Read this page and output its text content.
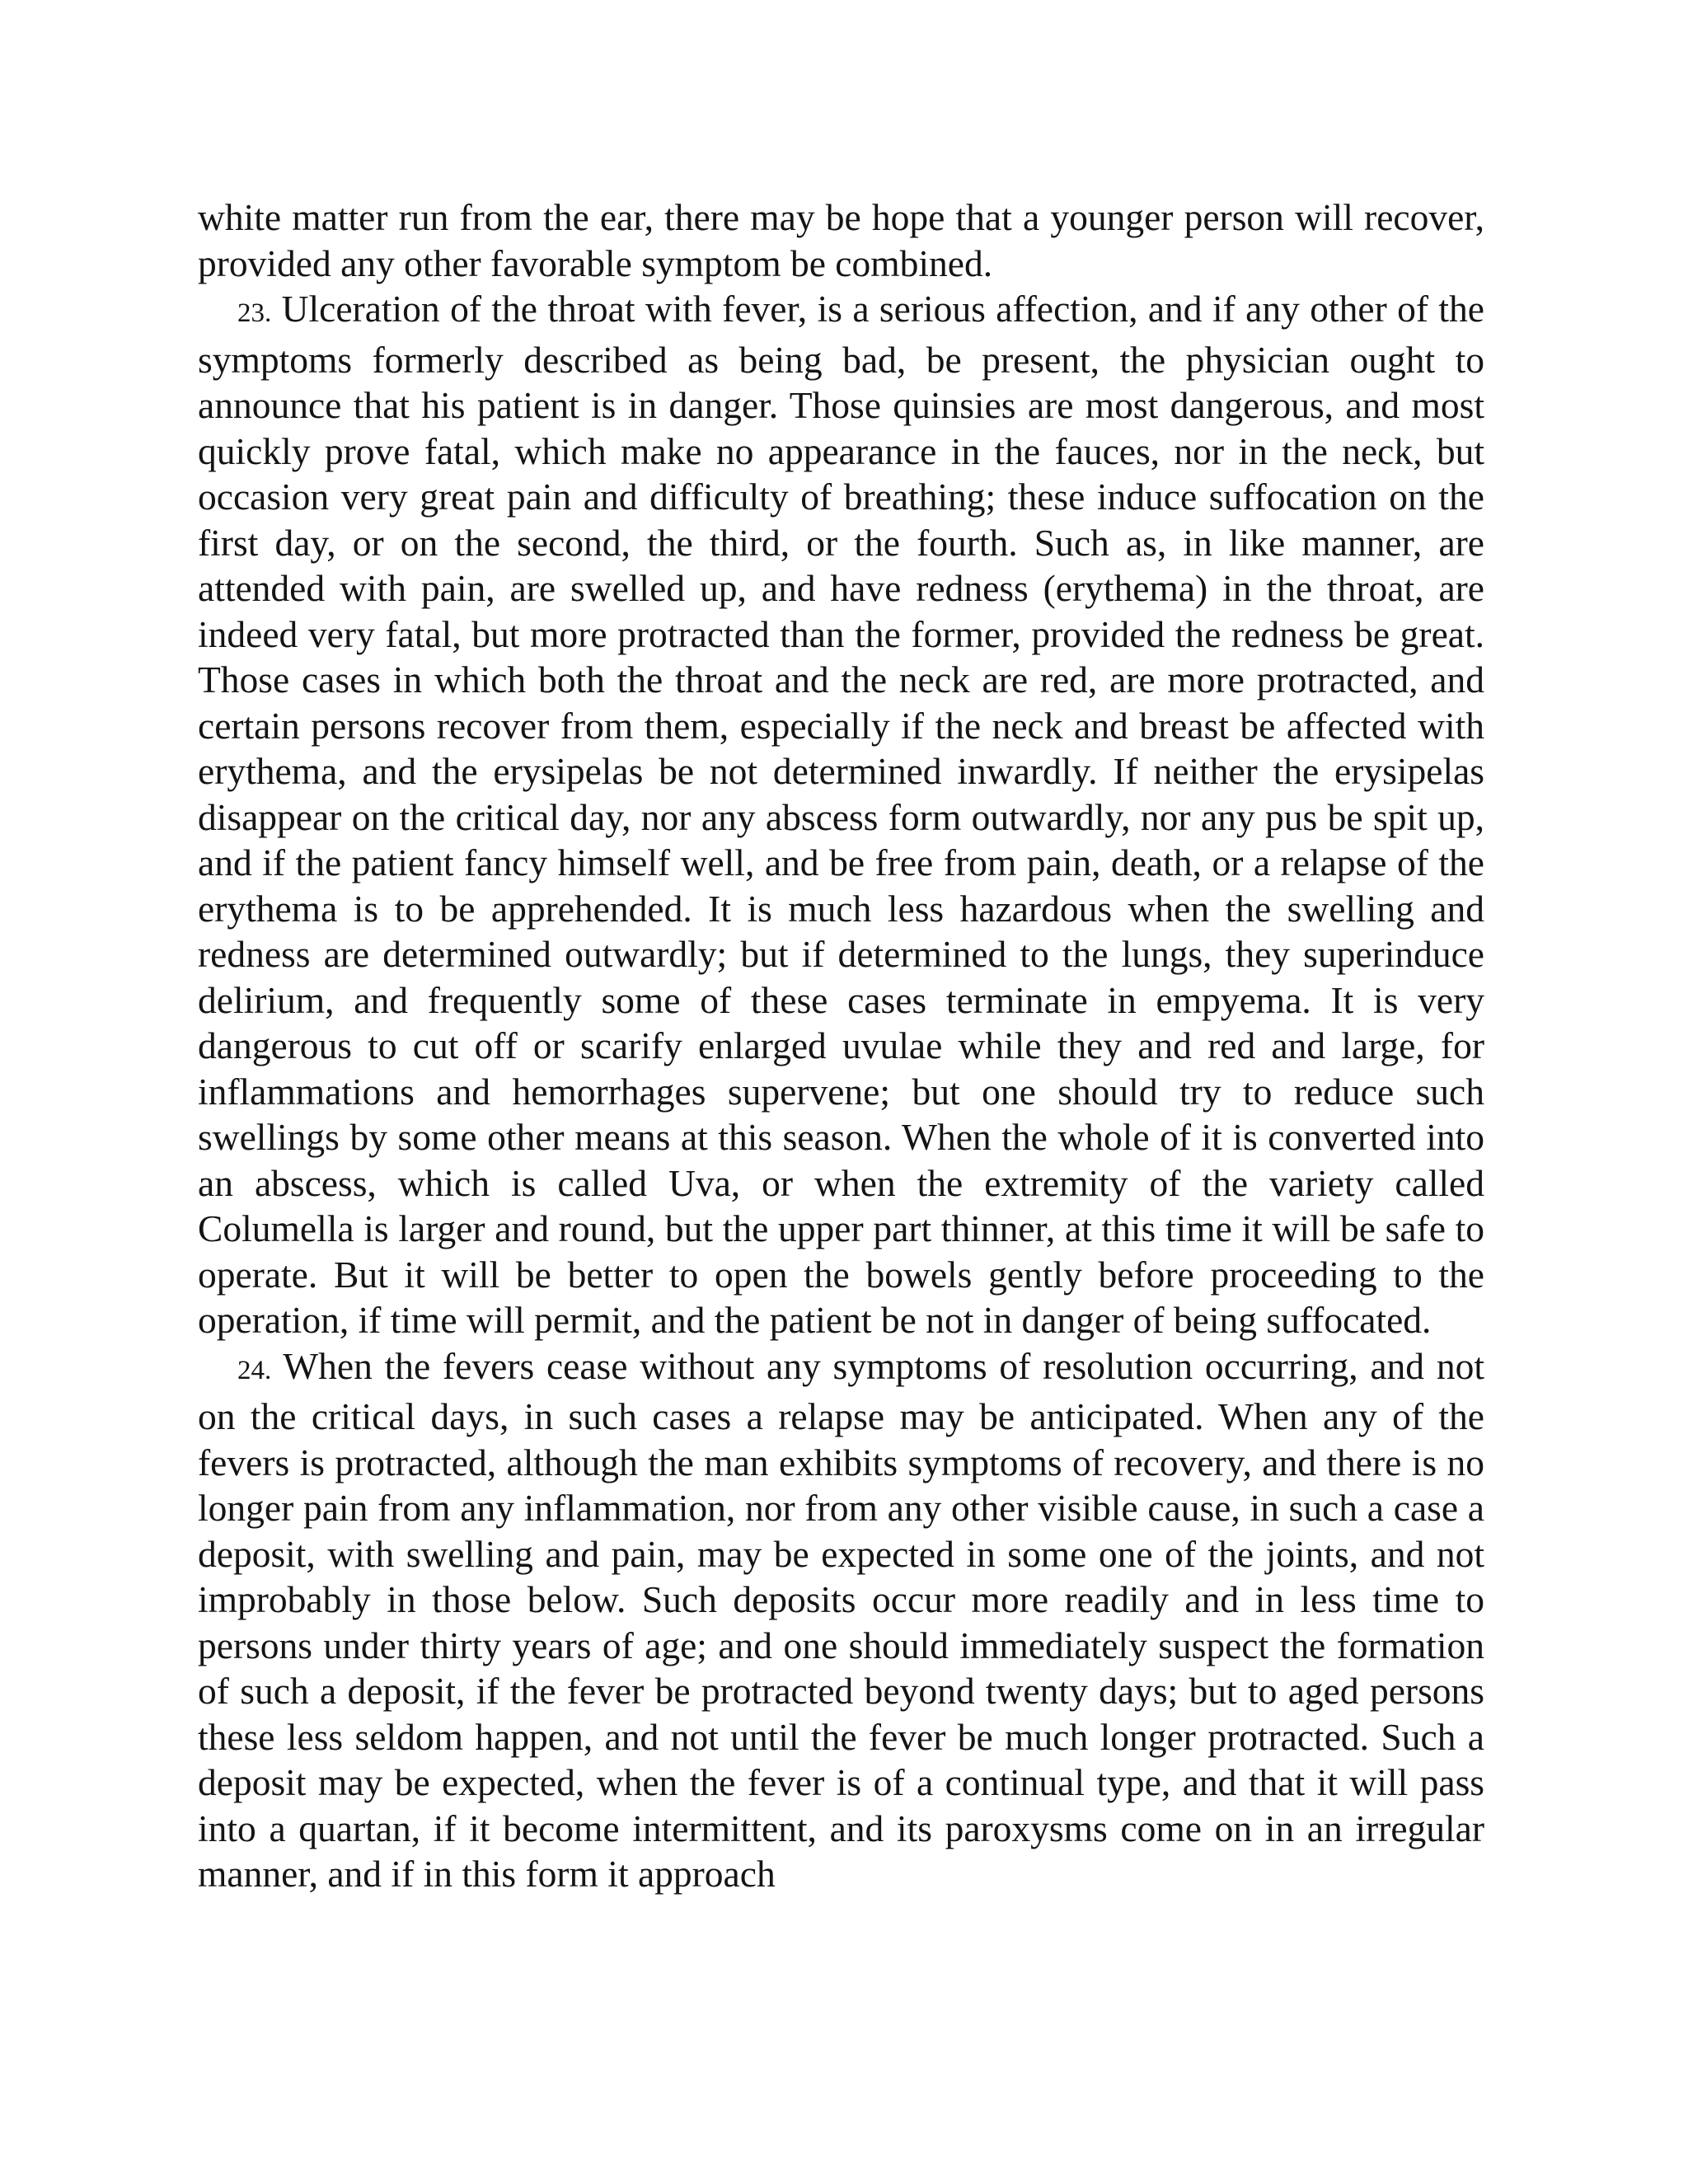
white matter run from the ear, there may be hope that a younger person will recover, provided any other favorable symptom be combined.

23. Ulceration of the throat with fever, is a serious affection, and if any other of the symptoms formerly described as being bad, be present, the physician ought to announce that his patient is in danger. Those quinsies are most dangerous, and most quickly prove fatal, which make no appearance in the fauces, nor in the neck, but occasion very great pain and difficulty of breathing; these induce suffocation on the first day, or on the second, the third, or the fourth. Such as, in like manner, are attended with pain, are swelled up, and have redness (erythema) in the throat, are indeed very fatal, but more protracted than the former, provided the redness be great. Those cases in which both the throat and the neck are red, are more protracted, and certain persons recover from them, especially if the neck and breast be affected with erythema, and the erysipelas be not determined inwardly. If neither the erysipelas disappear on the critical day, nor any abscess form outwardly, nor any pus be spit up, and if the patient fancy himself well, and be free from pain, death, or a relapse of the erythema is to be apprehended. It is much less hazardous when the swelling and redness are determined outwardly; but if determined to the lungs, they superinduce delirium, and frequently some of these cases terminate in empyema. It is very dangerous to cut off or scarify enlarged uvulae while they and red and large, for inflammations and hemorrhages supervene; but one should try to reduce such swellings by some other means at this season. When the whole of it is converted into an abscess, which is called Uva, or when the extremity of the variety called Columella is larger and round, but the upper part thinner, at this time it will be safe to operate. But it will be better to open the bowels gently before proceeding to the operation, if time will permit, and the patient be not in danger of being suffocated.

24. When the fevers cease without any symptoms of resolution occurring, and not on the critical days, in such cases a relapse may be anticipated. When any of the fevers is protracted, although the man exhibits symptoms of recovery, and there is no longer pain from any inflammation, nor from any other visible cause, in such a case a deposit, with swelling and pain, may be expected in some one of the joints, and not improbably in those below. Such deposits occur more readily and in less time to persons under thirty years of age; and one should immediately suspect the formation of such a deposit, if the fever be protracted beyond twenty days; but to aged persons these less seldom happen, and not until the fever be much longer protracted. Such a deposit may be expected, when the fever is of a continual type, and that it will pass into a quartan, if it become intermittent, and its paroxysms come on in an irregular manner, and if in this form it approach
